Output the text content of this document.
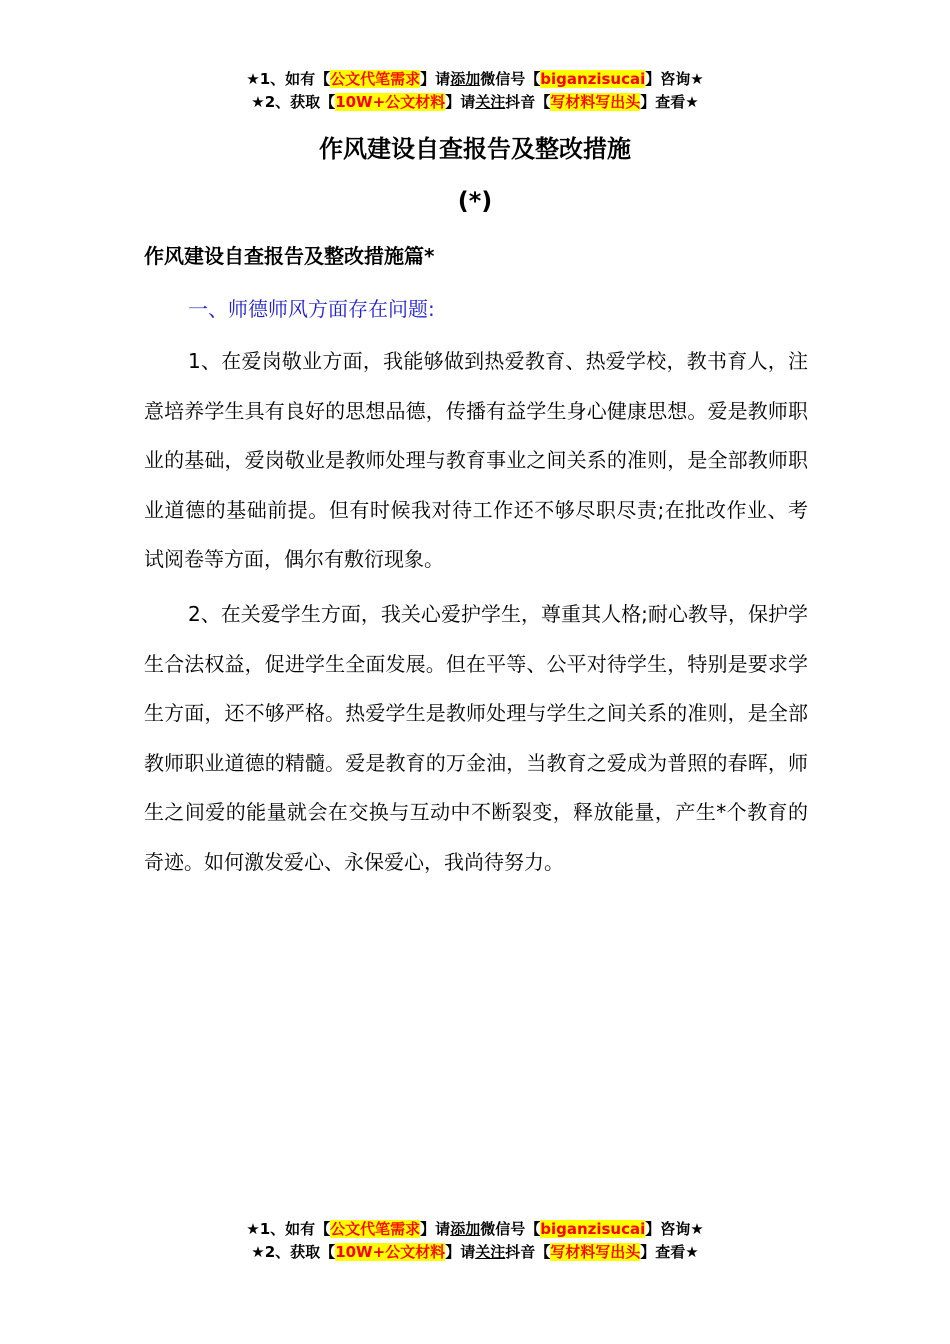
★1、如有【公文代笔需求】请添加微信号【biganzisucai】咨询★
★2、获取【10W+公文材料】请关注抖音【写材料写出头】查看★
作风建设自查报告及整改措施
(*)
作风建设自查报告及整改措施篇*
一、师德师风方面存在问题:

1、在爱岗敬业方面，我能够做到热爱教育、热爱学校，教书育人，注意培养学生具有良好的思想品德，传播有益学生身心健康思想。爱是教师职业的基础，爱岗敬业是教师处理与教育事业之间关系的准则，是全部教师职业道德的基础前提。但有时候我对待工作还不够尽职尽责;在批改作业、考试阅卷等方面，偶尔有敷衍现象。

2、在关爱学生方面，我关心爱护学生，尊重其人格;耐心教导，保护学生合法权益，促进学生全面发展。但在平等、公平对待学生，特别是要求学生方面，还不够严格。热爱学生是教师处理与学生之间关系的准则，是全部教师职业道德的精髓。爱是教育的万金油，当教育之爱成为普照的春晖，师生之间爱的能量就会在交换与互动中不断裂变，释放能量，产生*个教育的奇迹。如何激发爱心、永保爱心，我尚待努力。

★1、如有【公文代笔需求】请添加微信号【biganzisucai】咨询★
★2、获取【10W+公文材料】请关注抖音【写材料写出头】查看★
